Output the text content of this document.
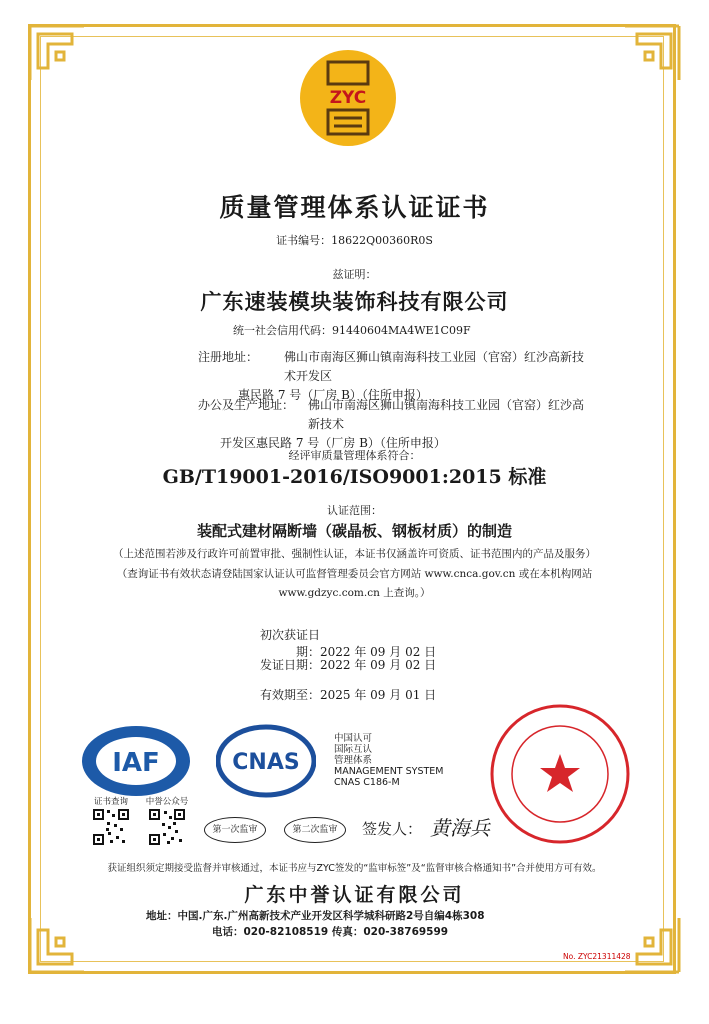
ZYC
质量管理体系认证证书
证书编号：18622Q00360R0S
兹证明：
广东速装模块装饰科技有限公司
统一社会信用代码：91440604MA4WE1C09F
注册地址：	佛山市南海区狮山镇南海科技工业园（官窑）红沙高新技术开发区
惠民路 7 号（厂房 B）（住所申报）
办公及生产地址：	佛山市南海区狮山镇南海科技工业园（官窑）红沙高新技术
开发区惠民路 7 号（厂房 B）（住所申报）
经评审质量管理体系符合：
GB/T19001-2016/ISO9001:2015 标准
认证范围：
装配式建材隔断墙（碳晶板、钢板材质）的制造
（上述范围若涉及行政许可前置审批、强制性认证，本证书仅涵盖许可资质、证书范围内的产品及服务）
（查询证书有效状态请登陆国家认证认可监督管理委员会官方网站 www.cnca.gov.cn 或在本机构网站
www.gdzyc.com.cn 上查询。）
初次获证日期：2022 年 09 月 02 日
发证日期：2022 年 09 月 02 日
有效期至：2025 年 09 月 01 日
IAF	CNAS
中国认可
国际互认
管理体系
MANAGEMENT SYSTEM
CNAS C186-M
证书查询	中誉公众号
第一次监审	第二次监审	签发人： 黄海兵
获证组织须定期接受监督并审核通过，本证书应与ZYC签发的“监审标签”及“监督审核合格通知书”合并使用方可有效。
广东中誉认证有限公司
地址：中国.广东.广州高新技术产业开发区科学城科研路2号自编4栋308
电话：020-82108519 传真：020-38769599
No. ZYC21311428
